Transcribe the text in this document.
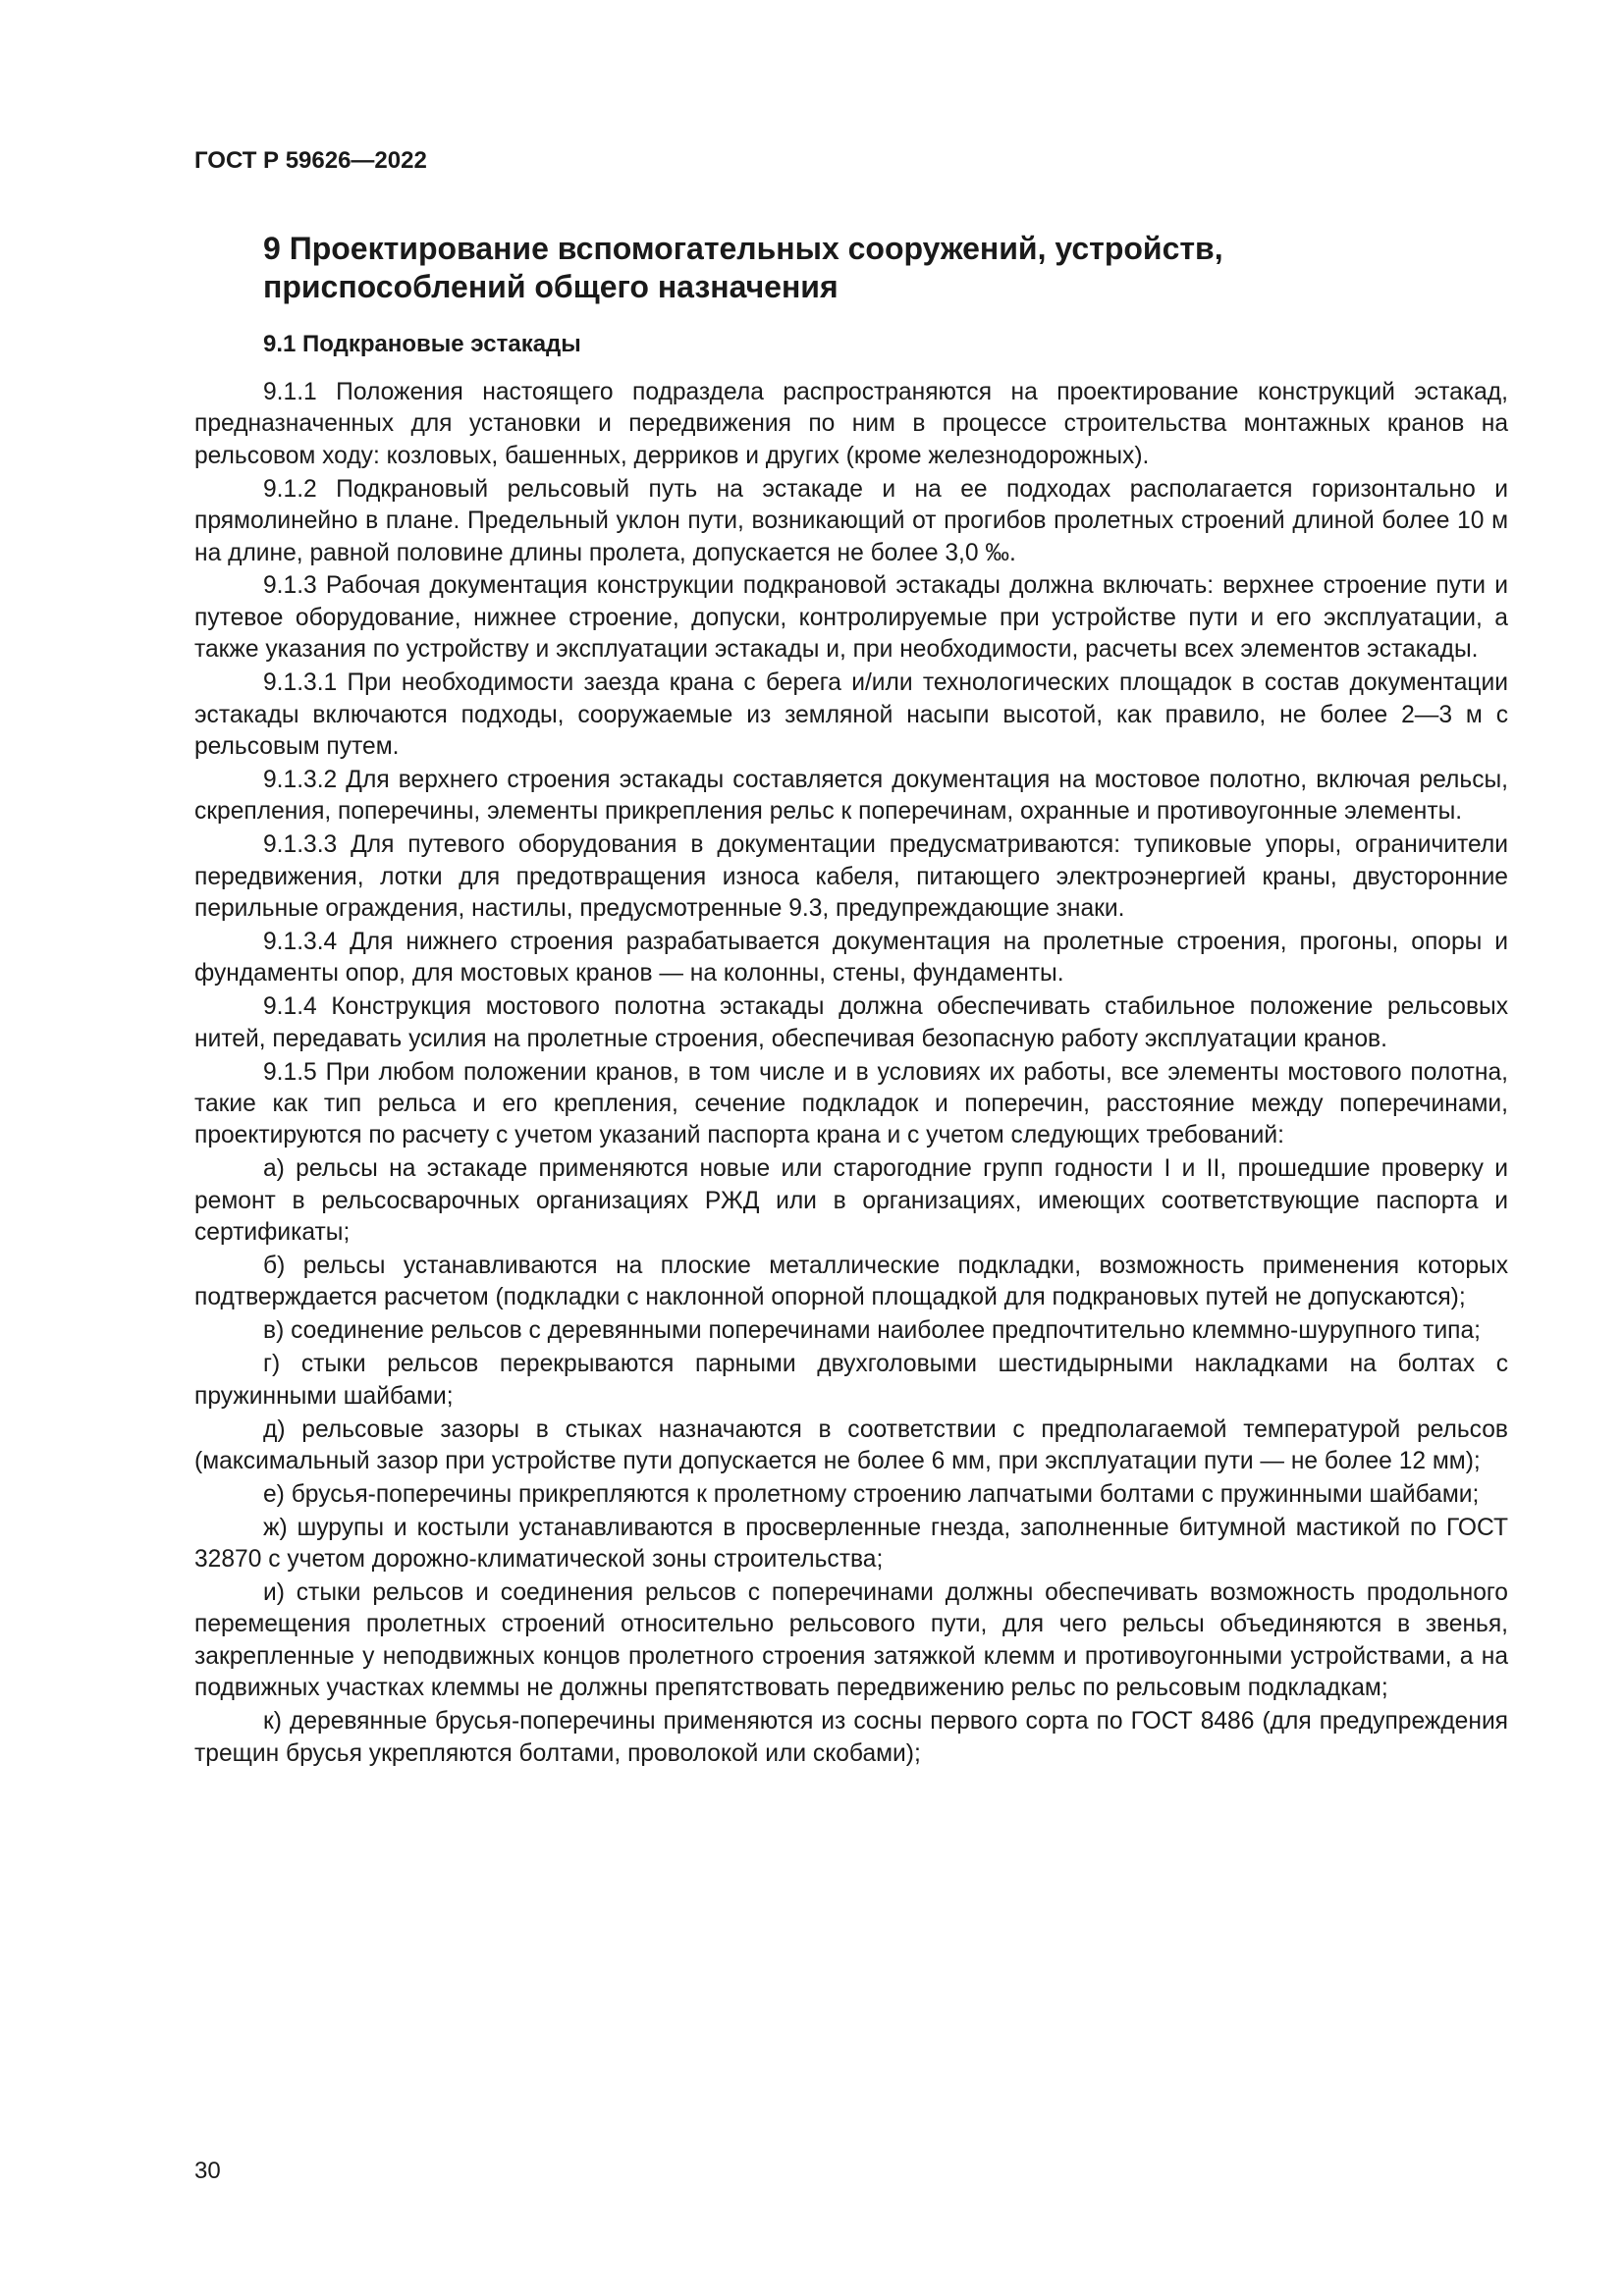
ГОСТ Р 59626—2022
9 Проектирование вспомогательных сооружений, устройств, приспособлений общего назначения
9.1 Подкрановые эстакады

9.1.1 Положения настоящего подраздела распространяются на проектирование конструкций эстакад, предназначенных для установки и передвижения по ним в процессе строительства монтажных кранов на рельсовом ходу: козловых, башенных, дерриков и других (кроме железнодорожных).

9.1.2 Подкрановый рельсовый путь на эстакаде и на ее подходах располагается горизонтально и прямолинейно в плане. Предельный уклон пути, возникающий от прогибов пролетных строений длиной более 10 м на длине, равной половине длины пролета, допускается не более 3,0 ‰.

9.1.3 Рабочая документация конструкции подкрановой эстакады должна включать: верхнее строение пути и путевое оборудование, нижнее строение, допуски, контролируемые при устройстве пути и его эксплуатации, а также указания по устройству и эксплуатации эстакады и, при необходимости, расчеты всех элементов эстакады.

9.1.3.1 При необходимости заезда крана с берега и/или технологических площадок в состав документации эстакады включаются подходы, сооружаемые из земляной насыпи высотой, как правило, не более 2—3 м с рельсовым путем.

9.1.3.2 Для верхнего строения эстакады составляется документация на мостовое полотно, включая рельсы, скрепления, поперечины, элементы прикрепления рельс к поперечинам, охранные и противоугонные элементы.

9.1.3.3 Для путевого оборудования в документации предусматриваются: тупиковые упоры, ограничители передвижения, лотки для предотвращения износа кабеля, питающего электроэнергией краны, двусторонние перильные ограждения, настилы, предусмотренные 9.3, предупреждающие знаки.

9.1.3.4 Для нижнего строения разрабатывается документация на пролетные строения, прогоны, опоры и фундаменты опор, для мостовых кранов — на колонны, стены, фундаменты.

9.1.4 Конструкция мостового полотна эстакады должна обеспечивать стабильное положение рельсовых нитей, передавать усилия на пролетные строения, обеспечивая безопасную работу эксплуатации кранов.

9.1.5 При любом положении кранов, в том числе и в условиях их работы, все элементы мостового полотна, такие как тип рельса и его крепления, сечение подкладок и поперечин, расстояние между поперечинами, проектируются по расчету с учетом указаний паспорта крана и с учетом следующих требований:

а) рельсы на эстакаде применяются новые или старогодние групп годности I и II, прошедшие проверку и ремонт в рельсосварочных организациях РЖД или в организациях, имеющих соответствующие паспорта и сертификаты;

б) рельсы устанавливаются на плоские металлические подкладки, возможность применения которых подтверждается расчетом (подкладки с наклонной опорной площадкой для подкрановых путей не допускаются);

в) соединение рельсов с деревянными поперечинами наиболее предпочтительно клеммно-шурупного типа;

г) стыки рельсов перекрываются парными двухголовыми шестидырными накладками на болтах с пружинными шайбами;

д) рельсовые зазоры в стыках назначаются в соответствии с предполагаемой температурой рельсов (максимальный зазор при устройстве пути допускается не более 6 мм, при эксплуатации пути — не более 12 мм);

е) брусья-поперечины прикрепляются к пролетному строению лапчатыми болтами с пружинными шайбами;

ж) шурупы и костыли устанавливаются в просверленные гнезда, заполненные битумной мастикой по ГОСТ 32870 с учетом дорожно-климатической зоны строительства;

и) стыки рельсов и соединения рельсов с поперечинами должны обеспечивать возможность продольного перемещения пролетных строений относительно рельсового пути, для чего рельсы объединяются в звенья, закрепленные у неподвижных концов пролетного строения затяжкой клемм и противоугонными устройствами, а на подвижных участках клеммы не должны препятствовать передвижению рельс по рельсовым подкладкам;

к) деревянные брусья-поперечины применяются из сосны первого сорта по ГОСТ 8486 (для предупреждения трещин брусья укрепляются болтами, проволокой или скобами);

30
